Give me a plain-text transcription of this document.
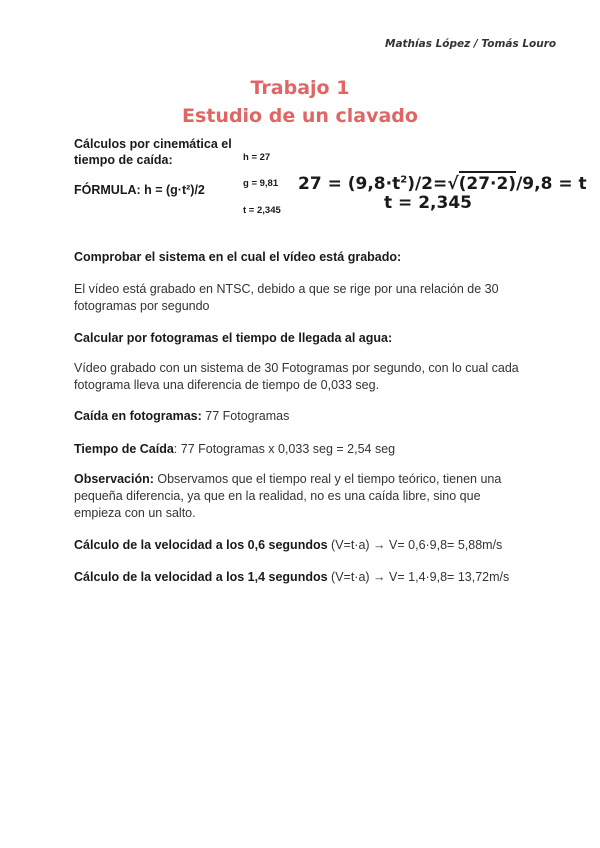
Mathías López / Tomás Louro
Trabajo 1
Estudio de un clavado
Cálculos por cinemática el tiempo de caída:
FÓRMULA: h = (g·t²)/2
h = 27
g = 9,81
t = 2,345
$27 = (9,8\cdot t^2)/2=√(27\cdot 2)/9,8 = t$
t = 2,345
Comprobar el sistema en el cual el vídeo está grabado:
El vídeo está grabado en NTSC, debido a que se rige por una relación de 30 fotogramas por segundo
Calcular por fotogramas el tiempo de llegada al agua:
Vídeo grabado con un sistema de 30 Fotogramas por segundo, con lo cual cada fotograma lleva una diferencia de tiempo de 0,033 seg.
Caída en fotogramas: 77 Fotogramas
Tiempo de Caída: 77 Fotogramas x 0,033 seg = 2,54 seg
Observación: Observamos que el tiempo real y el tiempo teórico, tienen una pequeña diferencia, ya que en la realidad, no es una caída libre, sino que empieza con un salto.
Cálculo de la velocidad a los 0,6 segundos (V=t·a) → V= 0,6·9,8= 5,88m/s
Cálculo de la velocidad a los 1,4 segundos (V=t·a) → V= 1,4·9,8= 13,72m/s
